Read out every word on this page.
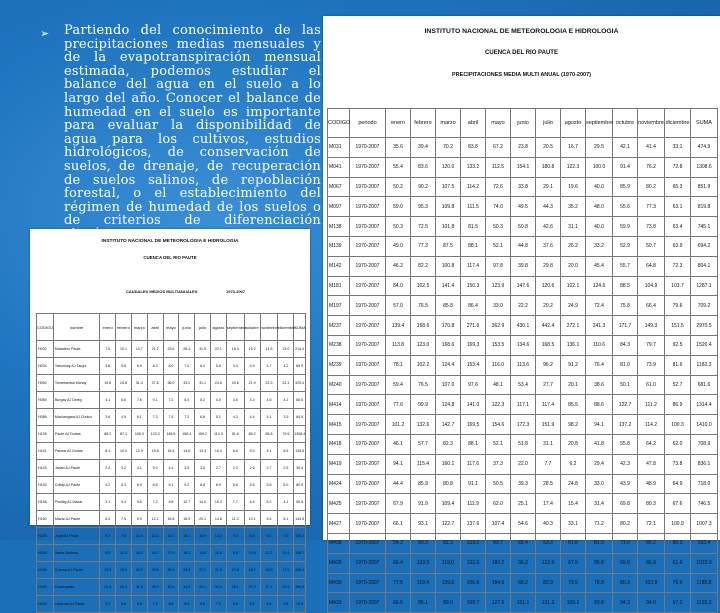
➢ Partiendo del conocimiento de las precipitaciones medias mensuales y de la evapotranspiración mensual estimada, podemos estudiar el balance del agua en el suelo a lo largo del año. Conocer el balance de humedad en el suelo es importante para evaluar la disponibilidad de agua para los cultivos, estudios hidrológicos, de conservación de suelos, de drenaje, de recuperación de suelos salinos, de repoblación forestal, o el establecimiento del régimen de humedad de los suelos o de criterios de diferenciación
INSTITUTO NACIONAL DE METEOROLOGIA E HIDROLOGIA
CUENCA DEL RIO PAUTE
PRECIPITACIONES MEDIA MULTI ANUAL (1970-2007)
CODIGO	periodo	enero	febrero	marzo	abril	mayo	junio	julio	agosto	septiembre	octubre	noviembre	diciembre	SUMA
M031	1970-2007	35.6	39.4	70.2	83.8	67.2	23.8	20.5	16.7	29.5	42.1	41.4	33.1	474.9
M041	1970-2007	55.4	83.6	120.0	133.2	112.5	154.1	180.8	122.3	100.0	91.4	76.2	72.8	1308.6
M067	1970-2007	50.2	90.2	107.5	114.2	72.6	33.8	29.1	19.6	40.0	85.9	80.2	65.3	851.9
M097	1970-2007	59.0	95.3	109.8	111.5	74.0	49.5	44.3	35.2	48.0	55.6	77.3	63.1	819.8
M138	1970-2007	50.3	72.5	101.8	81.5	50.3	50.8	42.6	31.1	40.0	59.9	73.8	63.4	745.1
M139	1970-2007	49.0	77.3	87.5	88.1	52.1	44.8	37.6	26.2	33.2	52.9	50.7	63.9	694.2
M142	1970-2007	46.2	82.2	100.8	117.4	97.8	39.8	29.8	20.0	45.4	55.7	64.8	72.3	804.1
M181	1970-2007	84.0	102.5	141.4	150.3	123.9	147.6	120.6	102.1	124.6	88.5	104.9	103.7	1287.1
M197	1970-2007	57.0	76.5	85.8	86.4	33.0	22.2	20.2	24.9	72.4	75.8	66.4	79.6	709.2
M237	1970-2007	139.4	158.6	170.8	271.6	362.9	430.1	442.4	272.1	241.3	171.7	149.3	151.5	2970.5
M238	1970-2007	113.8	123.0	168.6	169.3	153.5	134.6	168.5	136.1	110.6	84.3	79.7	92.5	1520.4
M239	1970-2007	78.1	102.2	124.4	153.4	116.0	113.6	96.2	91.2	76.4	81.0	73.9	81.6	1182.3
M240	1970-2007	59.4	76.5	107.0	97.6	48.1	53.4	27.7	20.1	38.6	50.1	61.0	52.7	681.6
M414	1970-2007	77.6	99.9	124.8	141.0	122.3	117.1	117.4	85.5	88.6	122.7	111.2	86.9	1314.4
M415	1970-2007	101.2	132.6	142.7	169.5	154.6	172.3	151.9	98.2	94.1	137.2	114.2	100.3	1410.0
M418	1970-2007	46.1	57.7	82.3	88.1	52.1	51.8	31.1	20.8	41.8	55.8	64.2	62.0	708.9
M419	1970-2007	94.1	115.4	160.1	117.6	37.3	22.0	7.7	6.2	29.4	42.3	47.8	73.8	836.1
M424	1970-2007	44.4	85.9	80.8	91.1	50.5	39.3	28.5	24.8	33.0	43.9	48.9	64.9	718.0
M425	1970-2007	67.9	91.9	109.4	111.9	62.0	25.1	17.4	15.4	31.4	69.8	80.3	67.6	746.5
M427	1970-2007	66.1	93.1	122.7	137.6	107.4	54.6	40.3	33.1	71.2	80.2	72.1	100.9	1007.3
M428	1970-2007	54.2	83.3	82.3	133.2	83.7	68.4	53.3	61.6	81.9	71.0	80.2	80.3	933.4
M429	1970-2007	66.4	133.5	119.0	133.0	180.2	96.2	122.5	67.5	85.8	69.8	86.9	61.6	1023.9
M430	1970-2007	77.5	119.4	139.0	106.6	184.6	68.2	83.9	79.5	78.8	80.3	103.8	79.6	1185.8
M433	1970-2007	66.5	85.1	89.0	109.7	127.6	151.1	131.3	109.1	83.8	94.3	94.0	97.2	1133.2
INSTITUTO NACIONAL DE METEOROLOGIA E HIDROLOGIA
CUENCA DEL RIO PAUTE
CAUDALES MEDIOS MULTIANUALES	1970-2007
CODIGO	nombre	enero	febrero	marzo	abril	mayo	junio	julio	agosto	septiembre	octubre	noviembre	diciembre	SUMA
H032	Matadero Paute	7.6	10.1	13.7	21.2	23.6	26.4	31.0	22.1	16.0	15.2	14.5	13.0	214.4
H034	Yanuncay AJ Tarqui	3.8	5.8	6.9	8.3	8.0	7.0	6.4	5.5	4.4	4.9	4.7	4.2	69.9
H052	Tomebamba Monay	19.8	24.6	31.4	37.8	36.0	33.2	31.1	24.6	20.6	21.9	22.3	22.1	325.4
H055	Burgay AJ Deleg	4.1	5.6	7.6	9.1	7.2	6.0	5.2	4.0	3.6	4.3	4.6	4.2	65.5
H088	Machangara AJ Chulco	3.6	4.9	6.1	7.3	7.4	7.2	6.6	5.1	4.3	4.4	4.1	3.9	64.9
H139	Paute AJ Dudas	68.2	87.1	106.3	123.3	148.5	155.4	159.2	114.3	91.6	89.2	85.8	79.5	1308.4
H141	Palmar AJ Dudas	8.1	10.0	12.9	15.6	15.4	14.6	13.3	10.4	8.6	9.0	9.1	8.5	135.5
H143	Jadan AJ Paute	2.4	3.2	4.1	5.0	4.4	3.9	3.6	2.7	2.3	2.6	2.7	2.5	39.4
H145	Collay AJ Paute	4.2	5.3	6.9	8.6	9.1	9.2	8.8	6.9	5.6	5.8	5.5	5.0	80.9
H148	Pindilig AJ Mazar	3.1	4.4	5.6	7.2	9.8	12.7	14.0	10.3	7.7	6.4	5.2	4.1	90.5
H150	Mazar AJ Paute	6.3	7.9	9.9	12.1	15.6	18.9	20.1	14.8	11.3	10.1	9.4	8.1	144.5
H153	Juval AJ Paute	5.7	7.8	10.6	13.4	15.2	16.1	15.9	12.2	9.3	8.8	8.1	7.0	130.1
H155	Santa Barbara	9.6	12.3	15.2	18.7	17.9	16.2	14.8	11.6	9.8	10.9	11.3	10.4	158.7
H158	Cuenca AJ Paute	14.3	19.0	24.2	29.6	30.4	28.8	27.2	21.5	17.6	18.7	18.3	17.0	266.6
H160	Guachapala	21.4	26.3	31.8	38.9	42.6	44.0	43.1	34.4	28.1	27.9	27.1	24.9	390.5
H162	Llavircay AJ Paute	3.2	4.6	5.9	7.3	8.8	9.4	9.8	7.5	5.9	5.1	4.6	3.8	75.9
